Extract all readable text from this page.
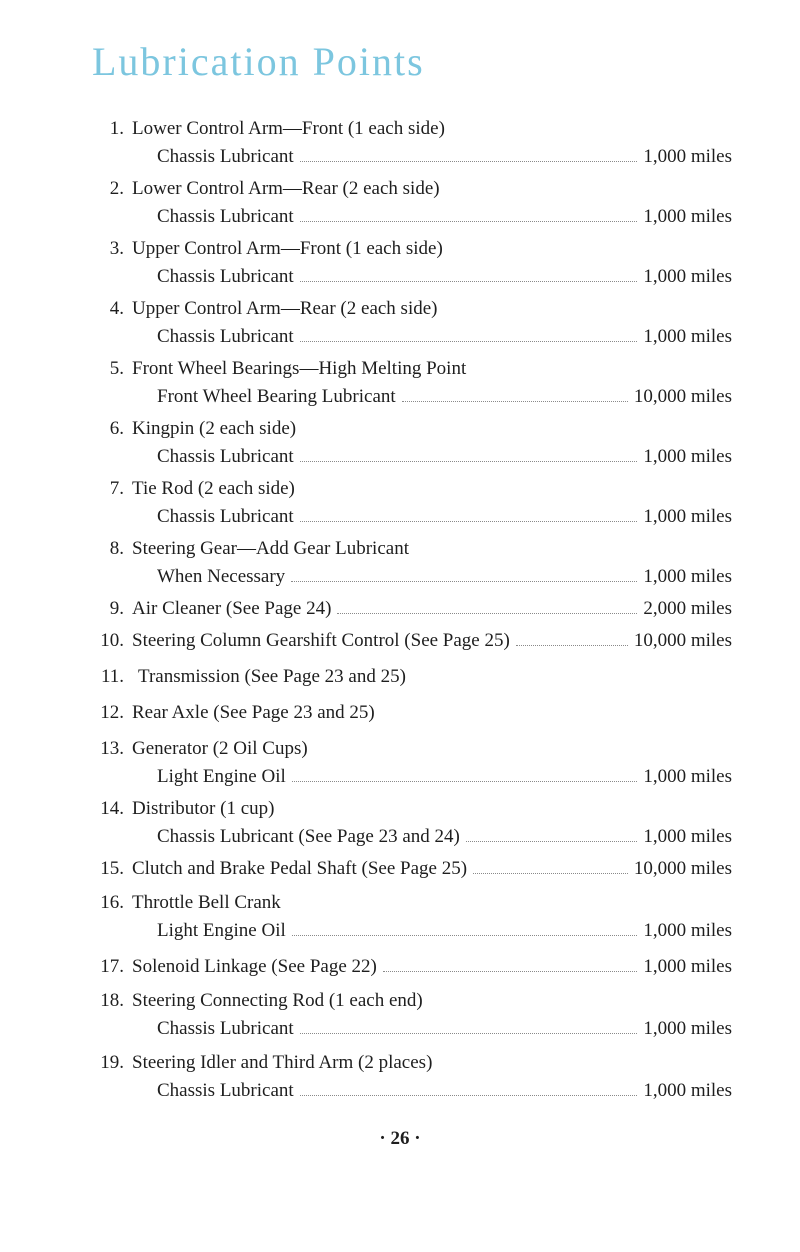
Lubrication Points
1. Lower Control Arm—Front (1 each side)
Chassis Lubricant	1,000 miles
2. Lower Control Arm—Rear (2 each side)
Chassis Lubricant	1,000 miles
3. Upper Control Arm—Front (1 each side)
Chassis Lubricant	1,000 miles
4. Upper Control Arm—Rear (2 each side)
Chassis Lubricant	1,000 miles
5. Front Wheel Bearings—High Melting Point
Front Wheel Bearing Lubricant	10,000 miles
6. Kingpin (2 each side)
Chassis Lubricant	1,000 miles
7. Tie Rod (2 each side)
Chassis Lubricant	1,000 miles
8. Steering Gear—Add Gear Lubricant
When Necessary	1,000 miles
9. Air Cleaner (See Page 24)	2,000 miles
10. Steering Column Gearshift Control (See Page 25)	10,000 miles
11. Transmission (See Page 23 and 25)
12. Rear Axle (See Page 23 and 25)
13. Generator (2 Oil Cups)
Light Engine Oil	1,000 miles
14. Distributor (1 cup)
Chassis Lubricant (See Page 23 and 24)	1,000 miles
15. Clutch and Brake Pedal Shaft (See Page 25)	10,000 miles
16. Throttle Bell Crank
Light Engine Oil	1,000 miles
17. Solenoid Linkage (See Page 22)	1,000 miles
18. Steering Connecting Rod (1 each end)
Chassis Lubricant	1,000 miles
19. Steering Idler and Third Arm (2 places)
Chassis Lubricant	1,000 miles
· 26 ·
